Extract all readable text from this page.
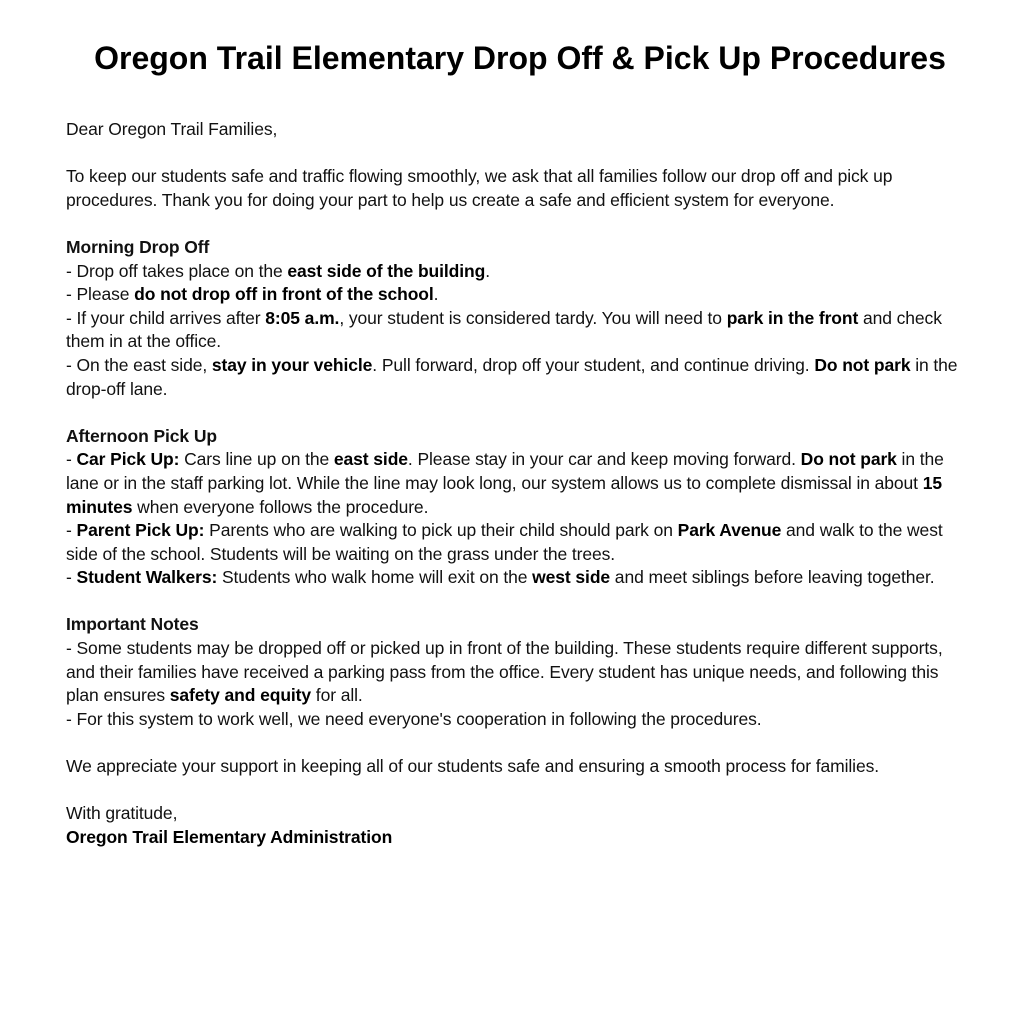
Oregon Trail Elementary Drop Off & Pick Up Procedures

Dear Oregon Trail Families,

To keep our students safe and traffic flowing smoothly, we ask that all families follow our drop off and pick up procedures. Thank you for doing your part to help us create a safe and efficient system for everyone.

Morning Drop Off
- Drop off takes place on the east side of the building.
- Please do not drop off in front of the school.
- If your child arrives after 8:05 a.m., your student is considered tardy. You will need to park in the front and check them in at the office.
- On the east side, stay in your vehicle. Pull forward, drop off your student, and continue driving. Do not park in the drop-off lane.
Afternoon Pick Up
- Car Pick Up: Cars line up on the east side. Please stay in your car and keep moving forward. Do not park in the lane or in the staff parking lot. While the line may look long, our system allows us to complete dismissal in about 15 minutes when everyone follows the procedure.
- Parent Pick Up: Parents who are walking to pick up their child should park on Park Avenue and walk to the west side of the school. Students will be waiting on the grass under the trees.
- Student Walkers: Students who walk home will exit on the west side and meet siblings before leaving together.
Important Notes
- Some students may be dropped off or picked up in front of the building. These students require different supports, and their families have received a parking pass from the office. Every student has unique needs, and following this plan ensures safety and equity for all.
- For this system to work well, we need everyone's cooperation in following the procedures.

We appreciate your support in keeping all of our students safe and ensuring a smooth process for families.

With gratitude,
Oregon Trail Elementary Administration
